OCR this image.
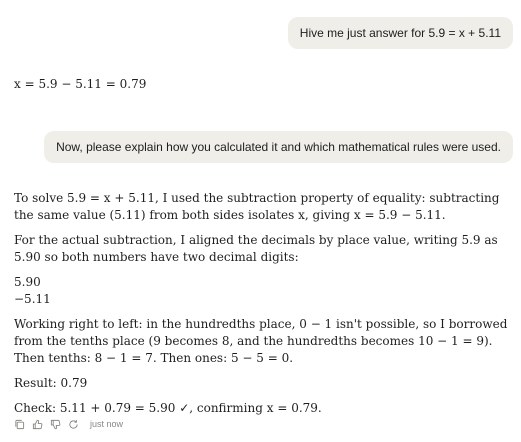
Hive me just answer for 5.9 = x + 5.11

x = 5.9 − 5.11 = 0.79

Now, please explain how you calculated it and which mathematical rules were used.

To solve 5.9 = x + 5.11, I used the subtraction property of equality: subtracting the same value (5.11) from both sides isolates x, giving x = 5.9 − 5.11.

For the actual subtraction, I aligned the decimals by place value, writing 5.9 as 5.90 so both numbers have two decimal digits:

5.90

−5.11

Working right to left: in the hundredths place, 0 − 1 isn't possible, so I borrowed from the tenths place (9 becomes 8, and the hundredths becomes 10 − 1 = 9). Then tenths: 8 − 1 = 7. Then ones: 5 − 5 = 0.

Result: 0.79

Check: 5.11 + 0.79 = 5.90 ✓, confirming x = 0.79.

just now
